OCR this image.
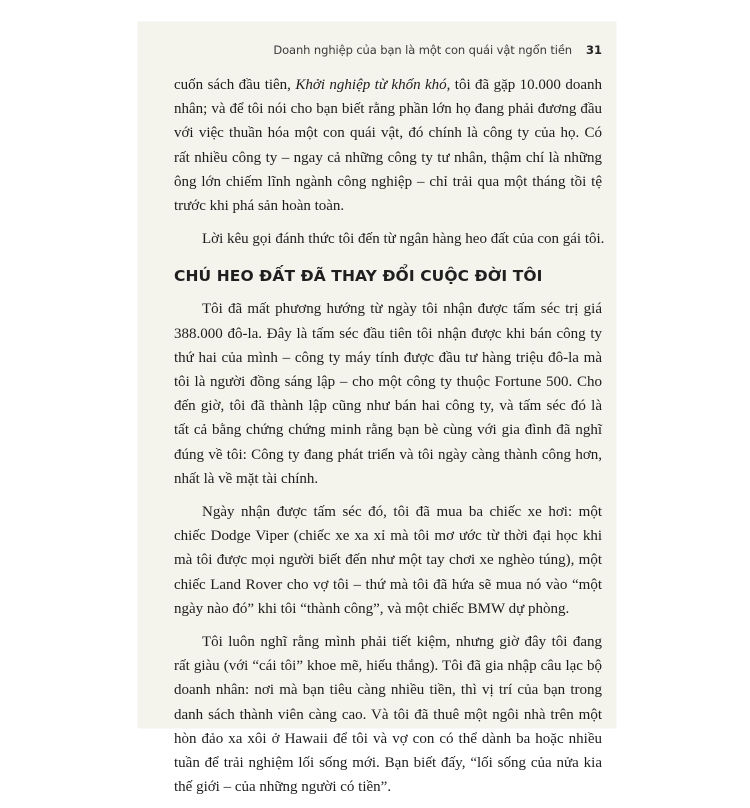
Doanh nghiệp của bạn là một con quái vật ngổn tiền 31
cuốn sách đầu tiên, Khởi nghiệp từ khốn khó, tôi đã gặp 10.000 doanh
nhân; và để tôi nói cho bạn biết rằng phần lớn họ đang phải đương đầu
với việc thuần hóa một con quái vật, đó chính là công ty của họ. Có
rất nhiều công ty – ngay cả những công ty tư nhân, thậm chí là những
ông lớn chiếm lĩnh ngành công nghiệp – chỉ trải qua một tháng tồi tệ
trước khi phá sản hoàn toàn.
Lời kêu gọi đánh thức tôi đến từ ngân hàng heo đất của con gái tôi.
CHÚ HEO ĐẤT ĐÃ THAY ĐỔI CUỘC ĐỜI TÔI
Tôi đã mất phương hướng từ ngày tôi nhận được tấm séc trị giá
388.000 đô-la. Đây là tấm séc đầu tiên tôi nhận được khi bán công ty
thứ hai của mình – công ty máy tính được đầu tư hàng triệu đô-la mà
tôi là người đồng sáng lập – cho một công ty thuộc Fortune 500. Cho
đến giờ, tôi đã thành lập cũng như bán hai công ty, và tấm séc đó là
tất cả bằng chứng chứng minh rằng bạn bè cùng với gia đình đã nghĩ
đúng về tôi: Công ty đang phát triển và tôi ngày càng thành công hơn,
nhất là về mặt tài chính.
Ngày nhận được tấm séc đó, tôi đã mua ba chiếc xe hơi: một
chiếc Dodge Viper (chiếc xe xa xỉ mà tôi mơ ước từ thời đại học khi
mà tôi được mọi người biết đến như một tay chơi xe nghèo túng), một
chiếc Land Rover cho vợ tôi – thứ mà tôi đã hứa sẽ mua nó vào “một
ngày nào đó” khi tôi “thành công”, và một chiếc BMW dự phòng.
Tôi luôn nghĩ rằng mình phải tiết kiệm, nhưng giờ đây tôi đang
rất giàu (với “cái tôi” khoe mẽ, hiếu thắng). Tôi đã gia nhập câu lạc bộ
doanh nhân: nơi mà bạn tiêu càng nhiều tiền, thì vị trí của bạn trong
danh sách thành viên càng cao. Và tôi đã thuê một ngôi nhà trên một
hòn đảo xa xôi ở Hawaii để tôi và vợ con có thể dành ba hoặc nhiều
tuần để trải nghiệm lối sống mới. Bạn biết đấy, “lối sống của nửa kia
thế giới – của những người có tiền”.
